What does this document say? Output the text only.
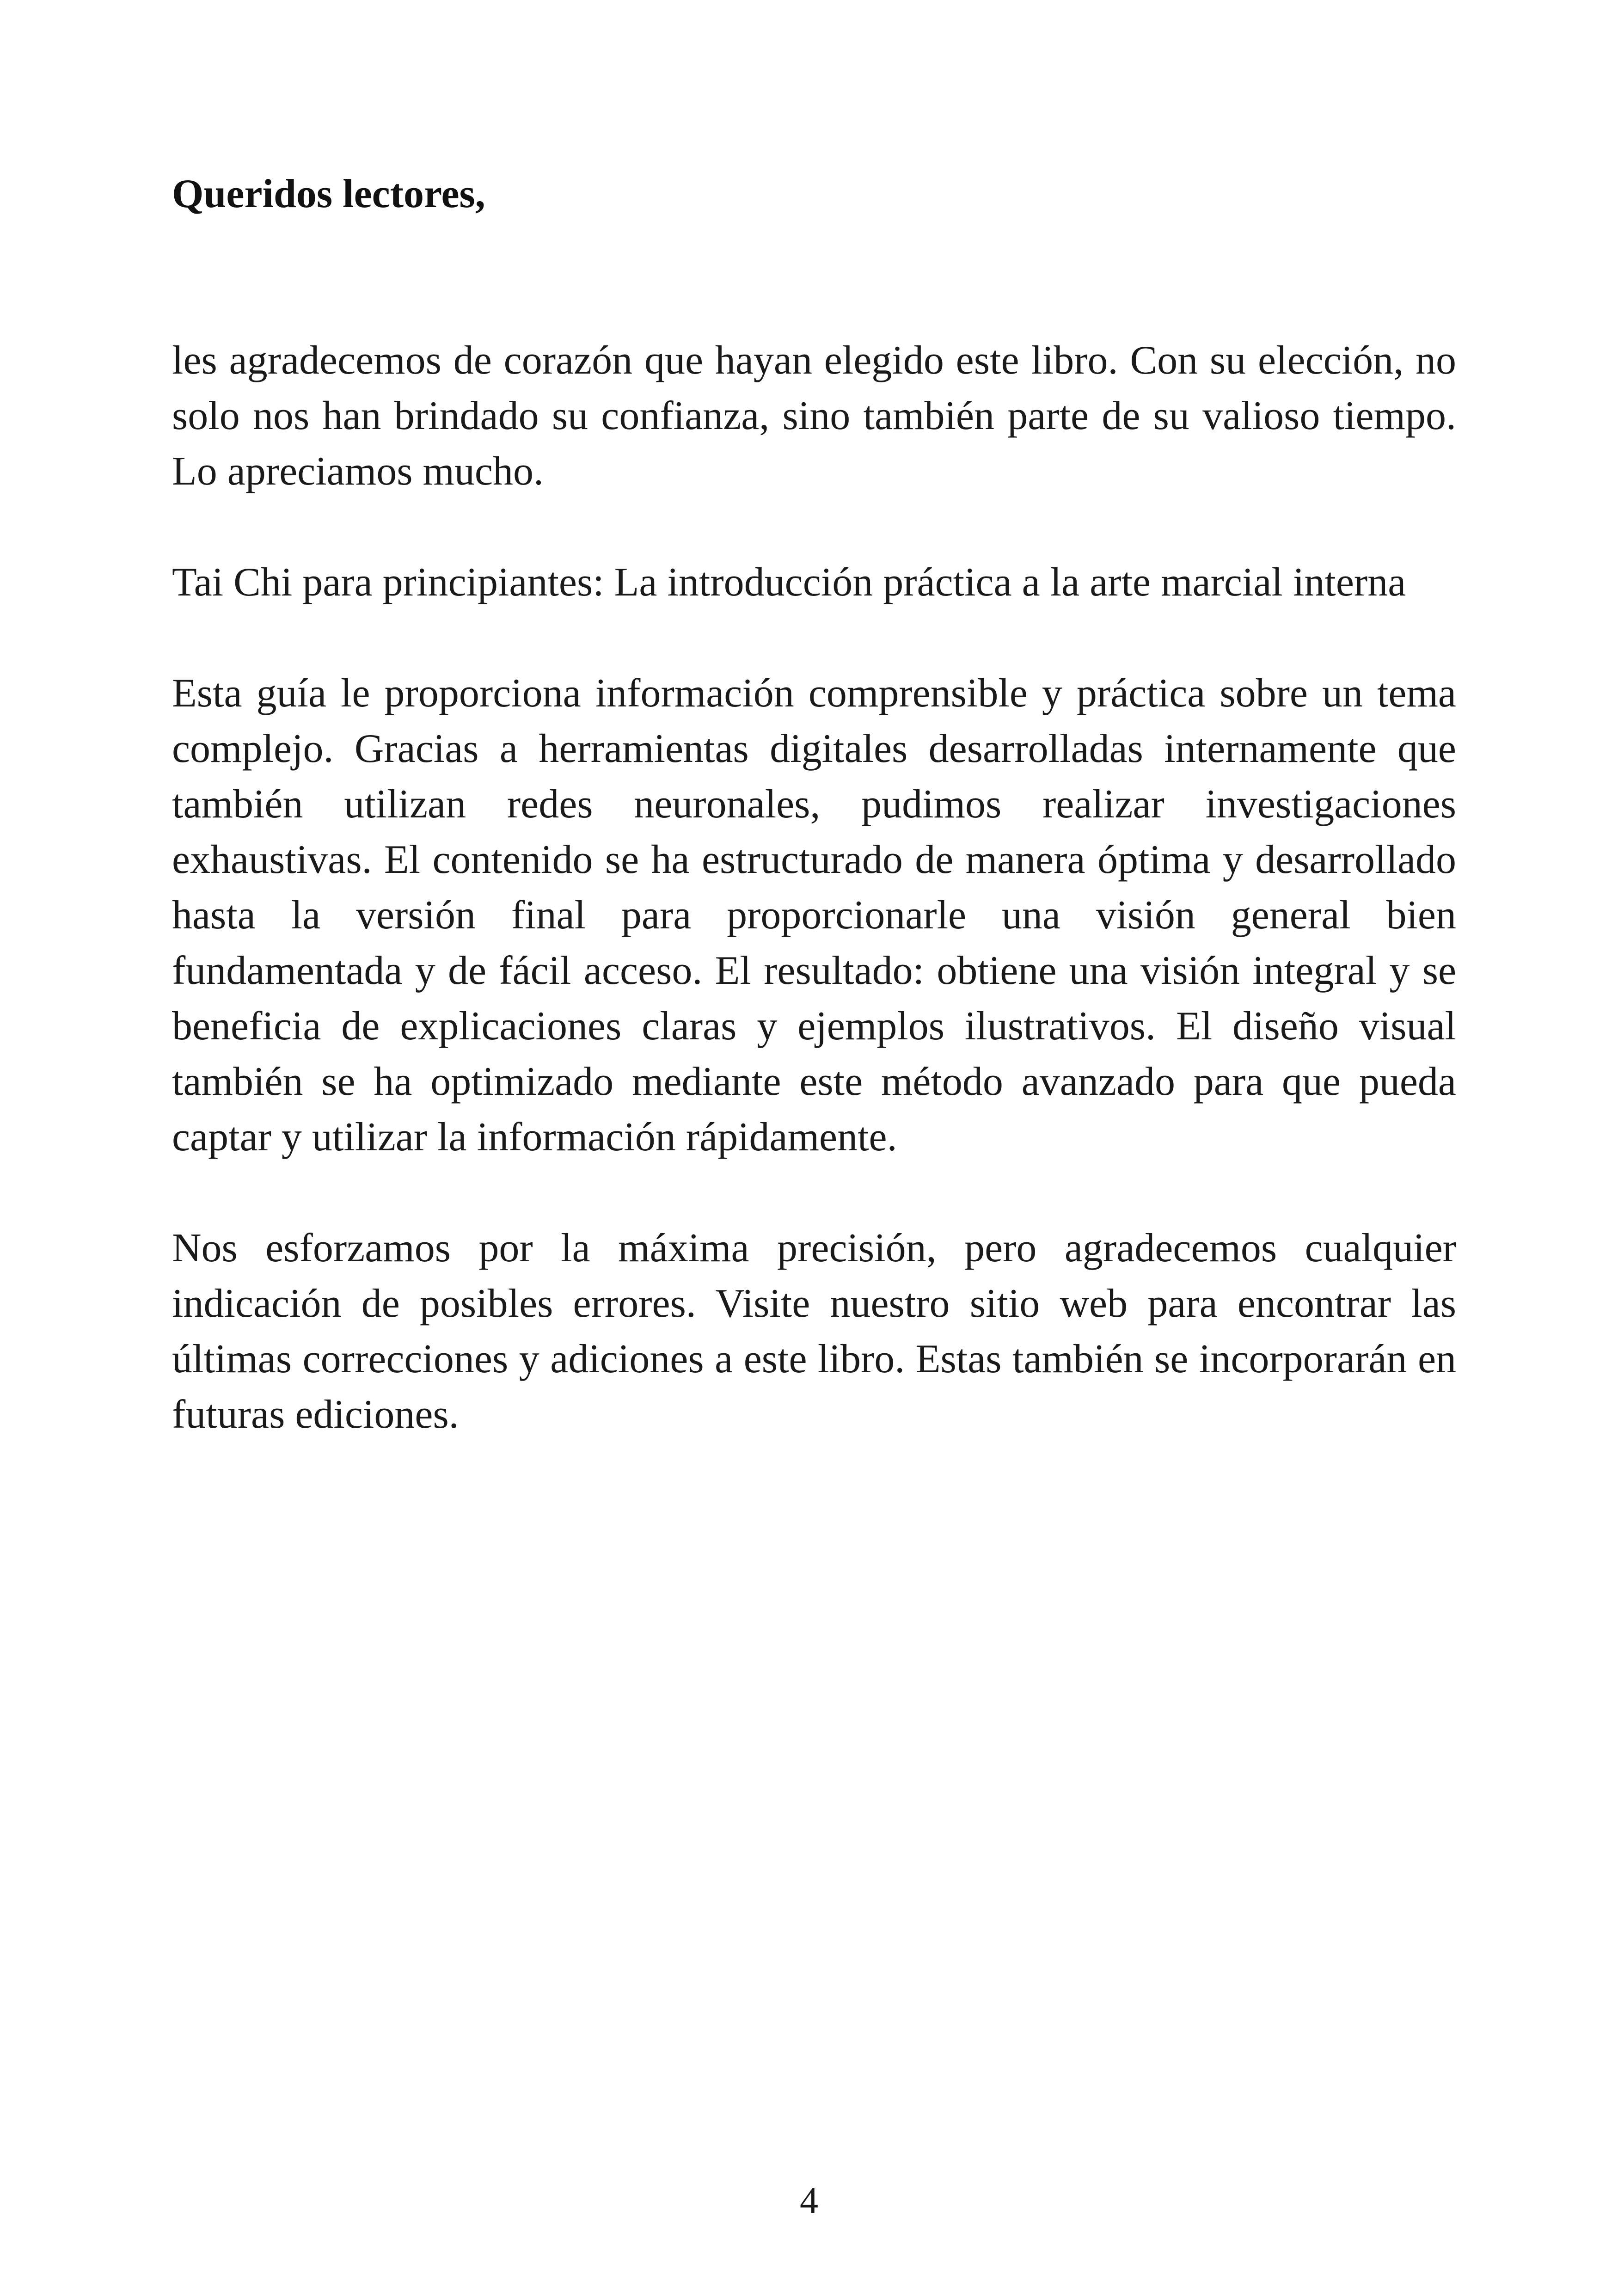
Queridos lectores,

les agradecemos de corazón que hayan elegido este libro. Con su elección, no solo nos han brindado su confianza, sino también parte de su valioso tiempo. Lo apreciamos mucho.

Tai Chi para principiantes: La introducción práctica a la arte marcial interna

Esta guía le proporciona información comprensible y práctica sobre un tema complejo. Gracias a herramientas digitales desarrolladas internamente que también utilizan redes neuronales, pudimos realizar investigaciones exhaustivas. El contenido se ha estructurado de manera óptima y desarrollado hasta la versión final para proporcionarle una visión general bien fundamentada y de fácil acceso. El resultado: obtiene una visión integral y se beneficia de explicaciones claras y ejemplos ilustrativos. El diseño visual también se ha optimizado mediante este método avanzado para que pueda captar y utilizar la información rápidamente.

Nos esforzamos por la máxima precisión, pero agradecemos cualquier indicación de posibles errores. Visite nuestro sitio web para encontrar las últimas correcciones y adiciones a este libro. Estas también se incorporarán en futuras ediciones.

4
